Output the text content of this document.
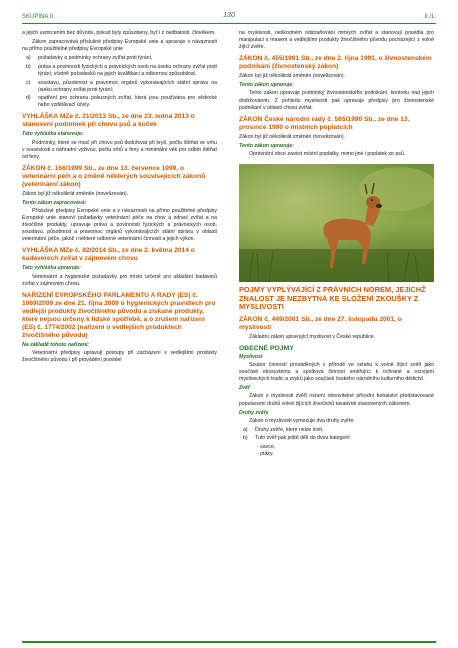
SKUPINA II.	130	II./1.

a jejich usmrcením bez důvodu, pokud byly způsobeny, byť i z nedbalosti, člověkem.

Zákon zapracovává příslušné předpisy Evropské unie a upravuje v návaznosti na přímo použitelné předpisy Evropské unie

a)	požadavky a podmínky ochrany zvířat proti týrání,
b)	práva a povinnosti fyzických a právnických osob na úseku ochrany zvířat proti týrání, včetně požadavků na jejich kvalifikaci a odbornou způsobilost,
c)	soustavu, působnost a pravomoc orgánů vykonávajících státní správu na úseku ochrany zvířat proti týrání;
d)	opatření pro ochranu pokusných zvířat, která jsou používána pro vědecké nebo vzdělávací účely.
VYHLÁŠKA MZe č. 21/2013 Sb., ze dne 23. ledna 2013 o stanovení podmínek při chovu psů a koček
Tato vyhláška stanovuje:

Podmínky, které se musí při chovu psů dodržovat při krytí, počtu štěňat ve vrhu v souvislosti s náhradní výživou, počtu vrhů u feny a minimální věk pro odběr štěňat od feny.

ZÁKON č. 166/1999 Sb., ze dne 13. července 1999, o veterinární péči a o změně některých souvisejících zákonů (veterinární zákon)

Zákon byl již několikrát změněn (novelizován).

Tento zákon zapracovává:

Příslušné předpisy Evropské unie a v návaznosti na přímo použitelné předpisy Evropské unie stanoví požadavky veterinární péče na chov a zdraví zvířat a na živočišné produkty, upravuje práva a povinnosti fyzických a právnických osob, soustavu, působnost a pravomoc orgánů vykonávajících státní správu v oblasti veterinární péče, jakož i některé odborné veterinární činnosti a jejich výkon.

VYHLÁŠKA MZe č. 82/2014 Sb., ze dne 2. května 2014 o kadáverech zvířat v zájmovém chovu
Tato vyhláška upravuje:

Veterinární a hygienické požadavky pro místo určené pro ukládání kadáverů zvířat v zájmovém chovu.

NAŘÍZENÍ EVROPSKÉHO PARLAMENTU A RADY (ES) č. 1069/2009 ze dne 21. října 2009 o hygienických pravidlech pro vedlejší produkty živočišného původu a získané produkty, které nejsou určeny k lidské spotřebě, a o zrušení nařízení (ES) č. 1774/2002 (nařízení o vedlejších produktech živočišného původu)
Na základě tohoto nařízení:

Veterinární předpisy upravují postupy při zacházení s vedlejšími produkty živočišného původu i při provádění pravidel

na myslivosti, neškodném odstraňování mrtvých zvířat a stanovují pravidla pro manipulaci s masem a vedlejšími produkty živočišného původu pocházející z volně žijící zvěře.

ZÁKON č. 455/1991 Sb., ze dne 2. října 1991, o živnostenském podnikání (živnostenský zákon)

Zákon byl již několikrát změněn (novelizován).

Tento zákon upravuje:

Tento zákon upravuje podmínky živnostenského podnikání, kontrolu nad jejich dodržováním. Z pohledu myslivosti pak upravuje předpisy pro živnostenské podnikání v oblasti chovu zvířat.

ZÁKON České národní rady č. 565/1990 Sb., ze dne 13. prosince 1990 o místních poplatcích

Zákon byl již několikrát změněn (novelizován).

Tento zákon upravuje:

Oprávnění obce zavést místní poplatky, mimo jiné i poplatek ze psů.

POJMY VYPLÝVAJÍCÍ Z PRÁVNÍCH NOREM, JEJICHŽ ZNALOST JE NEZBYTNÁ KE SLOŽENÍ ZKOUŠKY Z MYSLIVOSTI
ZÁKON č. 449/2001 Sb., ze dne 27. listopadu 2001, o myslivosti

Základní zákon upravující myslivost v České republice.

OBECNÉ POJMY
Myslivost

Soubor činností prováděných v přírodě ve vztahu k volně žijící zvěři jako součásti ekosystému a spolková činnost směřující k ochraně a rozvíjení mysliveckých tradic a zvyků jako součásti českého národního kulturního dědictví.

Zvěř

Zákon o myslivosti zvěří rozumí obnovitelné přírodní bohatství představované populacemi druhů volně žijících živočichů taxativně stanovených zákonem.

Druhy zvěře

Zákon o myslivosti vymezuje dva druhy zvěře:

a)	Druhy zvěře, které nelze lovit.
b)	Tuto zvěř pak ještě dělí do dvou kategorií:
- savce,
- ptáky.
